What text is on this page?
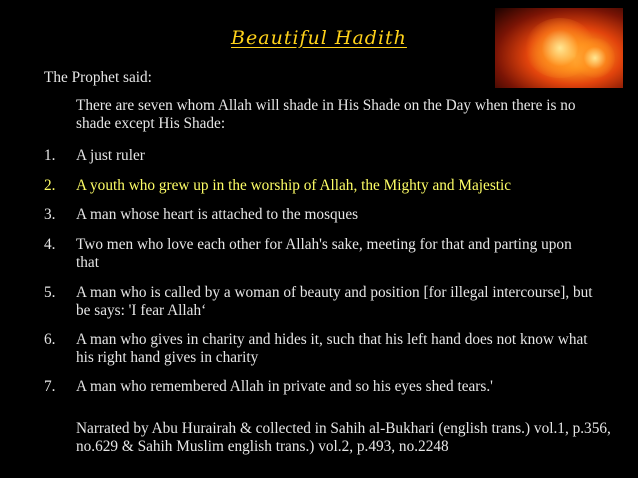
Beautiful Hadith
The Prophet said:
There are seven whom Allah will shade in His Shade on the Day when there is no shade except His Shade:
1.	A just ruler
2.	A youth who grew up in the worship of Allah, the Mighty and Majestic
3.	A man whose heart is attached to the mosques
4.	Two men who love each other for Allah's sake, meeting for that and parting upon that
5.	A man who is called by a woman of beauty and position [for illegal intercourse], but be says: 'I fear Allah‘
6.	A man who gives in charity and hides it, such that his left hand does not know what his right hand gives in charity
7.	A man who remembered Allah in private and so his eyes shed tears.'
Narrated by Abu Hurairah & collected in Sahih al-Bukhari (english trans.) vol.1, p.356, no.629 & Sahih Muslim english trans.) vol.2, p.493, no.2248
